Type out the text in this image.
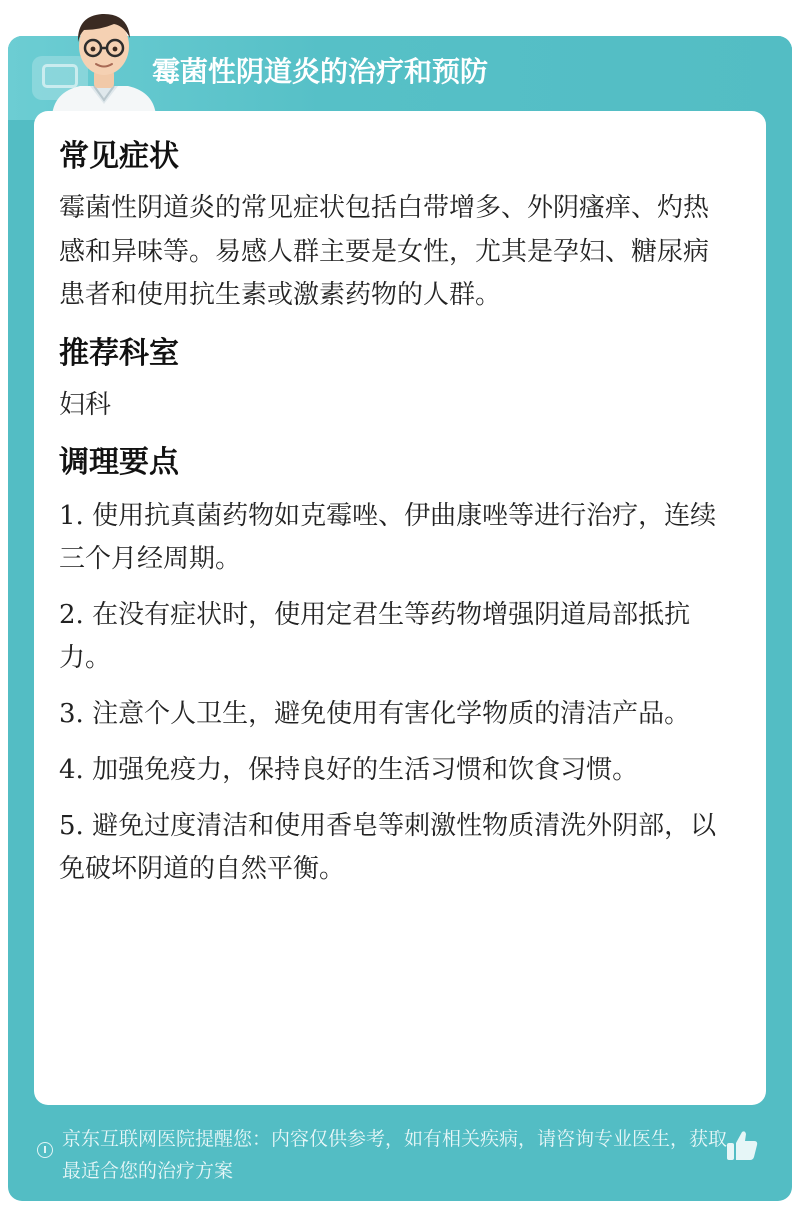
霉菌性阴道炎的治疗和预防
常见症状
霉菌性阴道炎的常见症状包括白带增多、外阴瘙痒、灼热感和异味等。易感人群主要是女性，尤其是孕妇、糖尿病患者和使用抗生素或激素药物的人群。
推荐科室
妇科
调理要点
1. 使用抗真菌药物如克霉唑、伊曲康唑等进行治疗，连续三个月经周期。
2. 在没有症状时，使用定君生等药物增强阴道局部抵抗力。
3. 注意个人卫生，避免使用有害化学物质的清洁产品。
4. 加强免疫力，保持良好的生活习惯和饮食习惯。
5. 避免过度清洁和使用香皂等刺激性物质清洗外阴部，以免破坏阴道的自然平衡。
京东互联网医院提醒您：内容仅供参考，如有相关疾病，请咨询专业医生，获取最适合您的治疗方案
